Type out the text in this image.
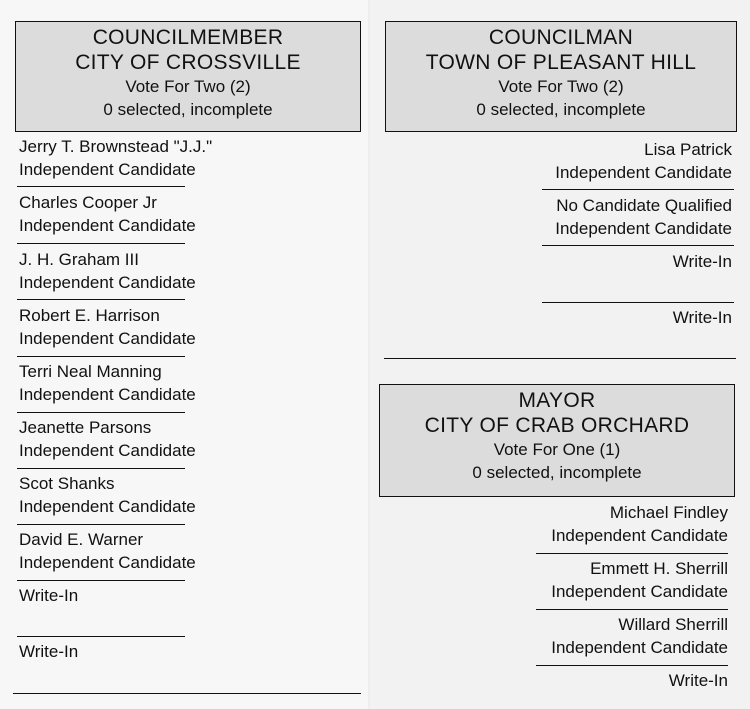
COUNCILMEMBER
CITY OF CROSSVILLE
Vote For Two (2)
0 selected, incomplete
Jerry T. Brownstead "J.J."
Independent Candidate
Charles Cooper Jr
Independent Candidate
J. H. Graham III
Independent Candidate
Robert E. Harrison
Independent Candidate
Terri Neal Manning
Independent Candidate
Jeanette Parsons
Independent Candidate
Scot Shanks
Independent Candidate
David E. Warner
Independent Candidate
Write-In
Write-In
COUNCILMAN
TOWN OF PLEASANT HILL
Vote For Two (2)
0 selected, incomplete
Lisa Patrick
Independent Candidate
No Candidate Qualified
Independent Candidate
Write-In
Write-In
MAYOR
CITY OF CRAB ORCHARD
Vote For One (1)
0 selected, incomplete
Michael Findley
Independent Candidate
Emmett H. Sherrill
Independent Candidate
Willard Sherrill
Independent Candidate
Write-In
